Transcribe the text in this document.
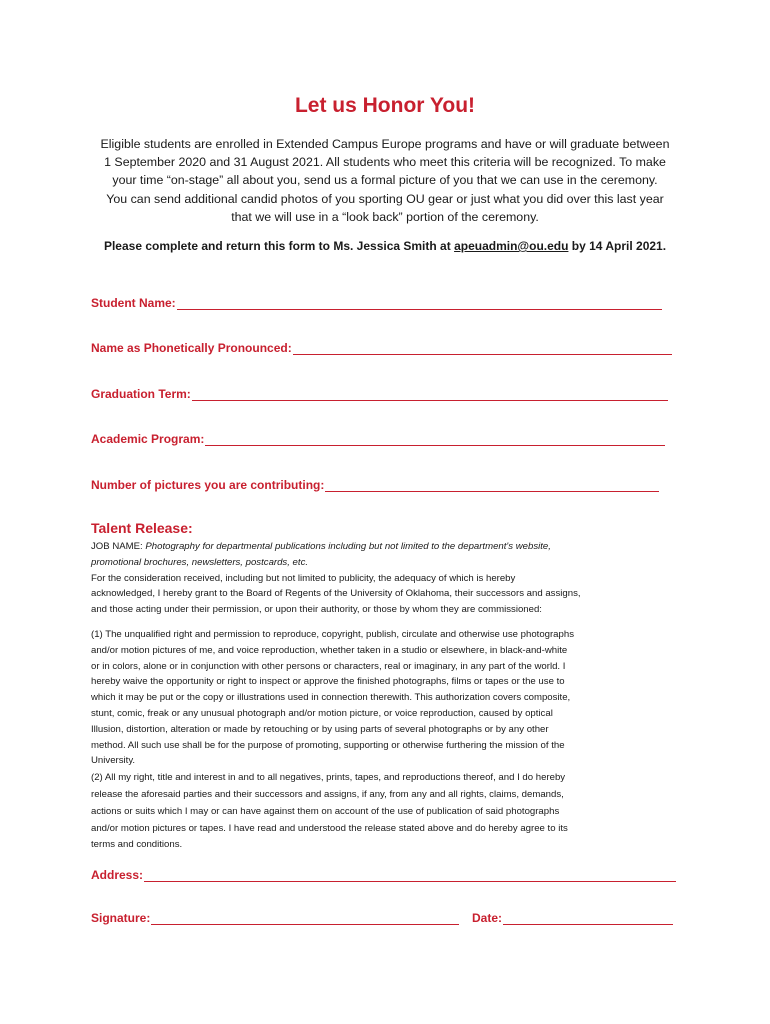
Let us Honor You!
Eligible students are enrolled in Extended Campus Europe programs and have or will graduate between
1 September 2020 and 31 August 2021. All students who meet this criteria will be recognized. To make
your time “on-stage” all about you, send us a formal picture of you that we can use in the ceremony.
You can send additional candid photos of you sporting OU gear or just what you did over this last year
that we will use in a “look back” portion of the ceremony.
Please complete and return this form to Ms. Jessica Smith at apeuadmin@ou.edu by 14 April 2021.
Student Name:
Name as Phonetically Pronounced:
Graduation Term:
Academic Program:
Number of pictures you are contributing:
Talent Release:

JOB NAME: Photography for departmental publications including but not limited to the department's website,

promotional brochures, newsletters, postcards, etc.

For the consideration received, including but not limited to publicity, the adequacy of which is hereby

acknowledged, I hereby grant to the Board of Regents of the University of Oklahoma, their successors and assigns,

and those acting under their permission, or upon their authority, or those by whom they are commissioned:

(1) The unqualified right and permission to reproduce, copyright, publish, circulate and otherwise use photographs

and/or motion pictures of me, and voice reproduction, whether taken in a studio or elsewhere, in black-and-white

or in colors, alone or in conjunction with other persons or characters, real or imaginary, in any part of the world. I

hereby waive the opportunity or right to inspect or approve the finished photographs, films or tapes or the use to

which it may be put or the copy or illustrations used in connection therewith. This authorization covers composite,

stunt, comic, freak or any unusual photograph and/or motion picture, or voice reproduction, caused by optical

Illusion, distortion, alteration or made by retouching or by using parts of several photographs or by any other

method. All such use shall be for the purpose of promoting, supporting or otherwise furthering the mission of the

University.

(2) All my right, title and interest in and to all negatives, prints, tapes, and reproductions thereof, and I do hereby

release the aforesaid parties and their successors and assigns, if any, from any and all rights, claims, demands,

actions or suits which I may or can have against them on account of the use of publication of said photographs

and/or motion pictures or tapes. I have read and understood the release stated above and do hereby agree to its

terms and conditions.

Address:
Signature:	Date:
